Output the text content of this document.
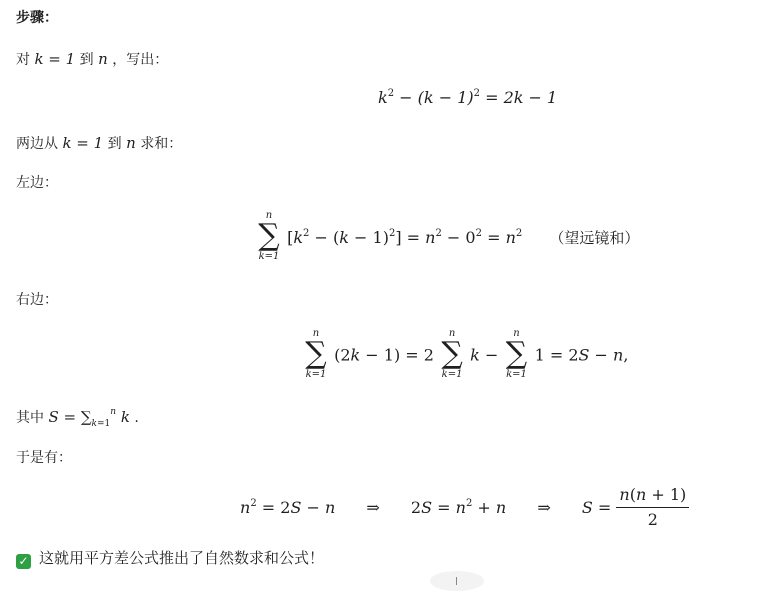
步骤：
对 k = 1 到 n ，写出：
$k^2 - (k - 1)^2 = 2k - 1$
两边从 k = 1 到 n 求和：
左边：
n
∑
k=1
$[k^2 - (k - 1)^2] = n^2 - 0^2 = n^2$ （望远镜和）
右边：
n
∑
k=1
(2k − 1) = 2
n
∑
k=1
k −
n
∑
k=1
1 = 2S − n,
其中 $S = \sum_{k=1}^n$ k .
于是有：
$n^2 = 2S - n$ ⇒ $2S = n^2 + n$ ⇒ $S = \frac{n(n + 1)}{2}$
✓ 这就用平方差公式推出了自然数求和公式！
